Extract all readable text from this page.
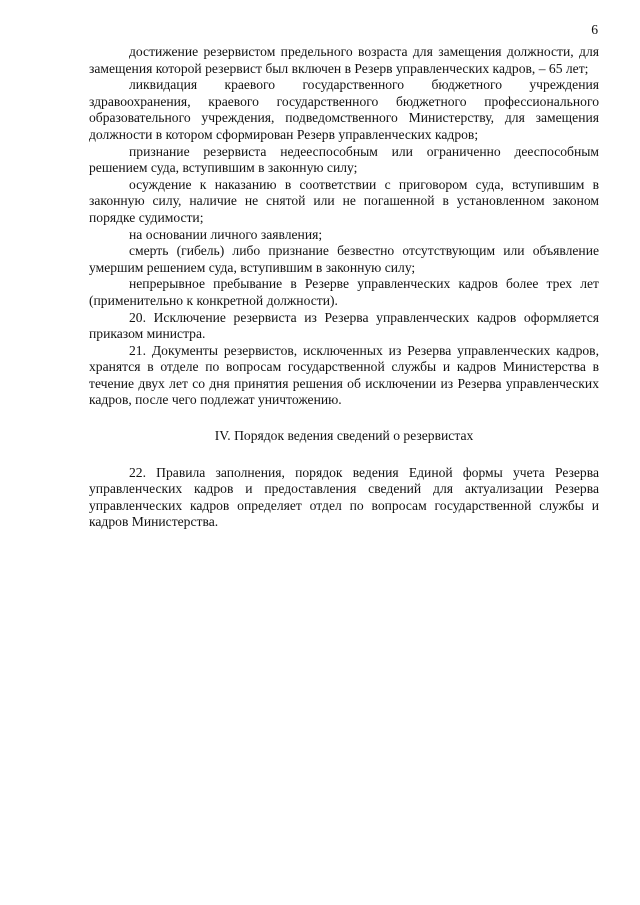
6

достижение резервистом предельного возраста для замещения должности, для замещения которой резервист был включен в Резерв управленческих кадров, – 65 лет;

ликвидация краевого государственного бюджетного учреждения здравоохранения, краевого государственного бюджетного профессионального образовательного учреждения, подведомственного Министерству, для замещения должности в котором сформирован Резерв управленческих кадров;

признание резервиста недееспособным или ограниченно дееспособным решением суда, вступившим в законную силу;

осуждение к наказанию в соответствии с приговором суда, вступившим в законную силу, наличие не снятой или не погашенной в установленном законом порядке судимости;

на основании личного заявления;

смерть (гибель) либо признание безвестно отсутствующим или объявление умершим решением суда, вступившим в законную силу;

непрерывное пребывание в Резерве управленческих кадров более трех лет (применительно к конкретной должности).

20. Исключение резервиста из Резерва управленческих кадров оформляется приказом министра.

21. Документы резервистов, исключенных из Резерва управленческих кадров, хранятся в отделе по вопросам государственной службы и кадров Министерства в течение двух лет со дня принятия решения об исключении из Резерва управленческих кадров, после чего подлежат уничтожению.

IV. Порядок ведения сведений о резервистах

22. Правила заполнения, порядок ведения Единой формы учета Резерва управленческих кадров и предоставления сведений для актуализации Резерва управленческих кадров определяет отдел по вопросам государственной службы и кадров Министерства.
